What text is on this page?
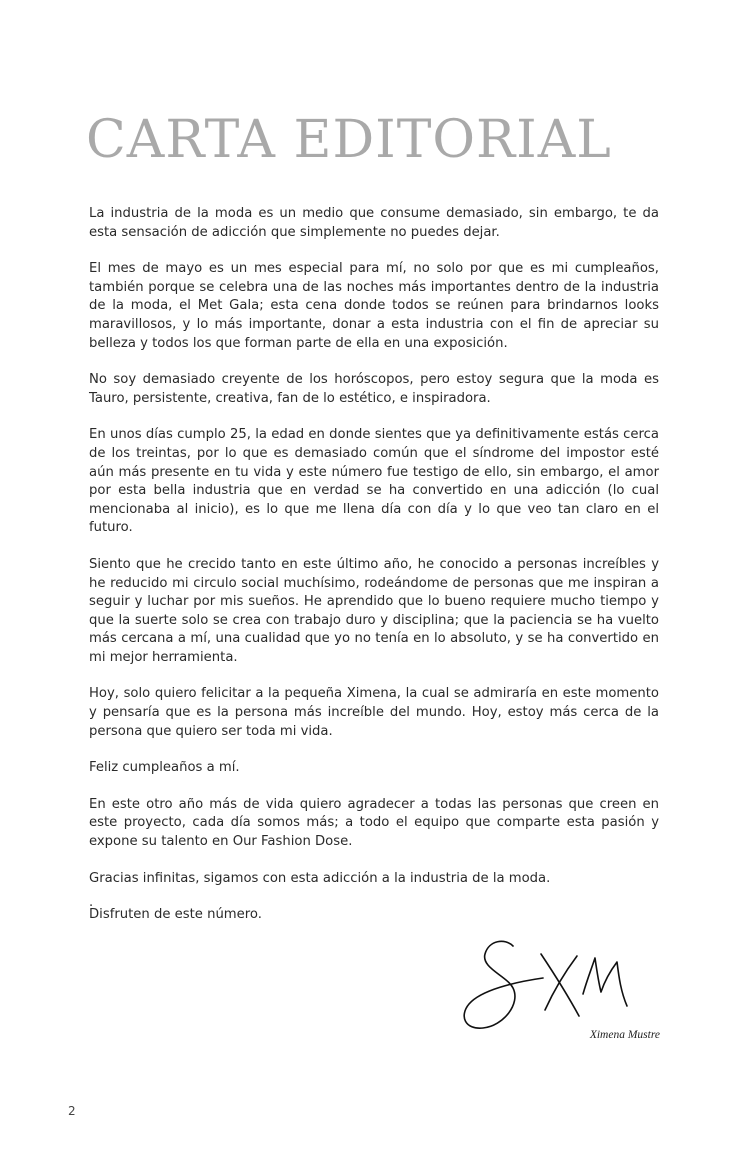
CARTA EDITORIAL

La industria de la moda es un medio que consume demasiado, sin embargo, te da esta sensación de adicción que simplemente no puedes dejar.

El mes de mayo es un mes especial para mí, no solo por que es mi cumpleaños, también porque se celebra una de las noches más importantes dentro de la industria de la moda, el Met Gala; esta cena donde todos se reúnen para brindarnos looks maravillosos, y lo más importante, donar a esta industria con el fin de apreciar su belleza y todos los que forman parte de ella en una exposición.

No soy demasiado creyente de los horóscopos, pero estoy segura que la moda es Tauro, persistente, creativa, fan de lo estético, e inspiradora.

En unos días cumplo 25, la edad en donde sientes que ya definitivamente estás cerca de los treintas, por lo que es demasiado común que el síndrome del impostor esté aún más presente en tu vida y este número fue testigo de ello, sin embargo, el amor por esta bella industria que en verdad se ha convertido en una adicción (lo cual mencionaba al inicio), es lo que me llena día con día y lo que veo tan claro en el futuro.

Siento que he crecido tanto en este último año, he conocido a personas increíbles y he reducido mi circulo social muchísimo, rodeándome de personas que me inspiran a seguir y luchar por mis sueños. He aprendido que lo bueno requiere mucho tiempo y que la suerte solo se crea con trabajo duro y disciplina; que la paciencia se ha vuelto más cercana a mí, una cualidad que yo no tenía en lo absoluto, y se ha convertido en mi mejor herramienta.

Hoy, solo quiero felicitar a la pequeña Ximena, la cual se admiraría en este momento y pensaría que es la persona más increíble del mundo. Hoy, estoy más cerca de la persona que quiero ser toda mi vida.

Feliz cumpleaños a mí.

En este otro año más de vida quiero agradecer a todas las personas que creen en este proyecto, cada día somos más; a todo el equipo que comparte esta pasión y expone su talento en Our Fashion Dose.

Gracias infinitas, sigamos con esta adicción a la industria de la moda.

Disfruten de este número.

.
Ximena Mustre
2
